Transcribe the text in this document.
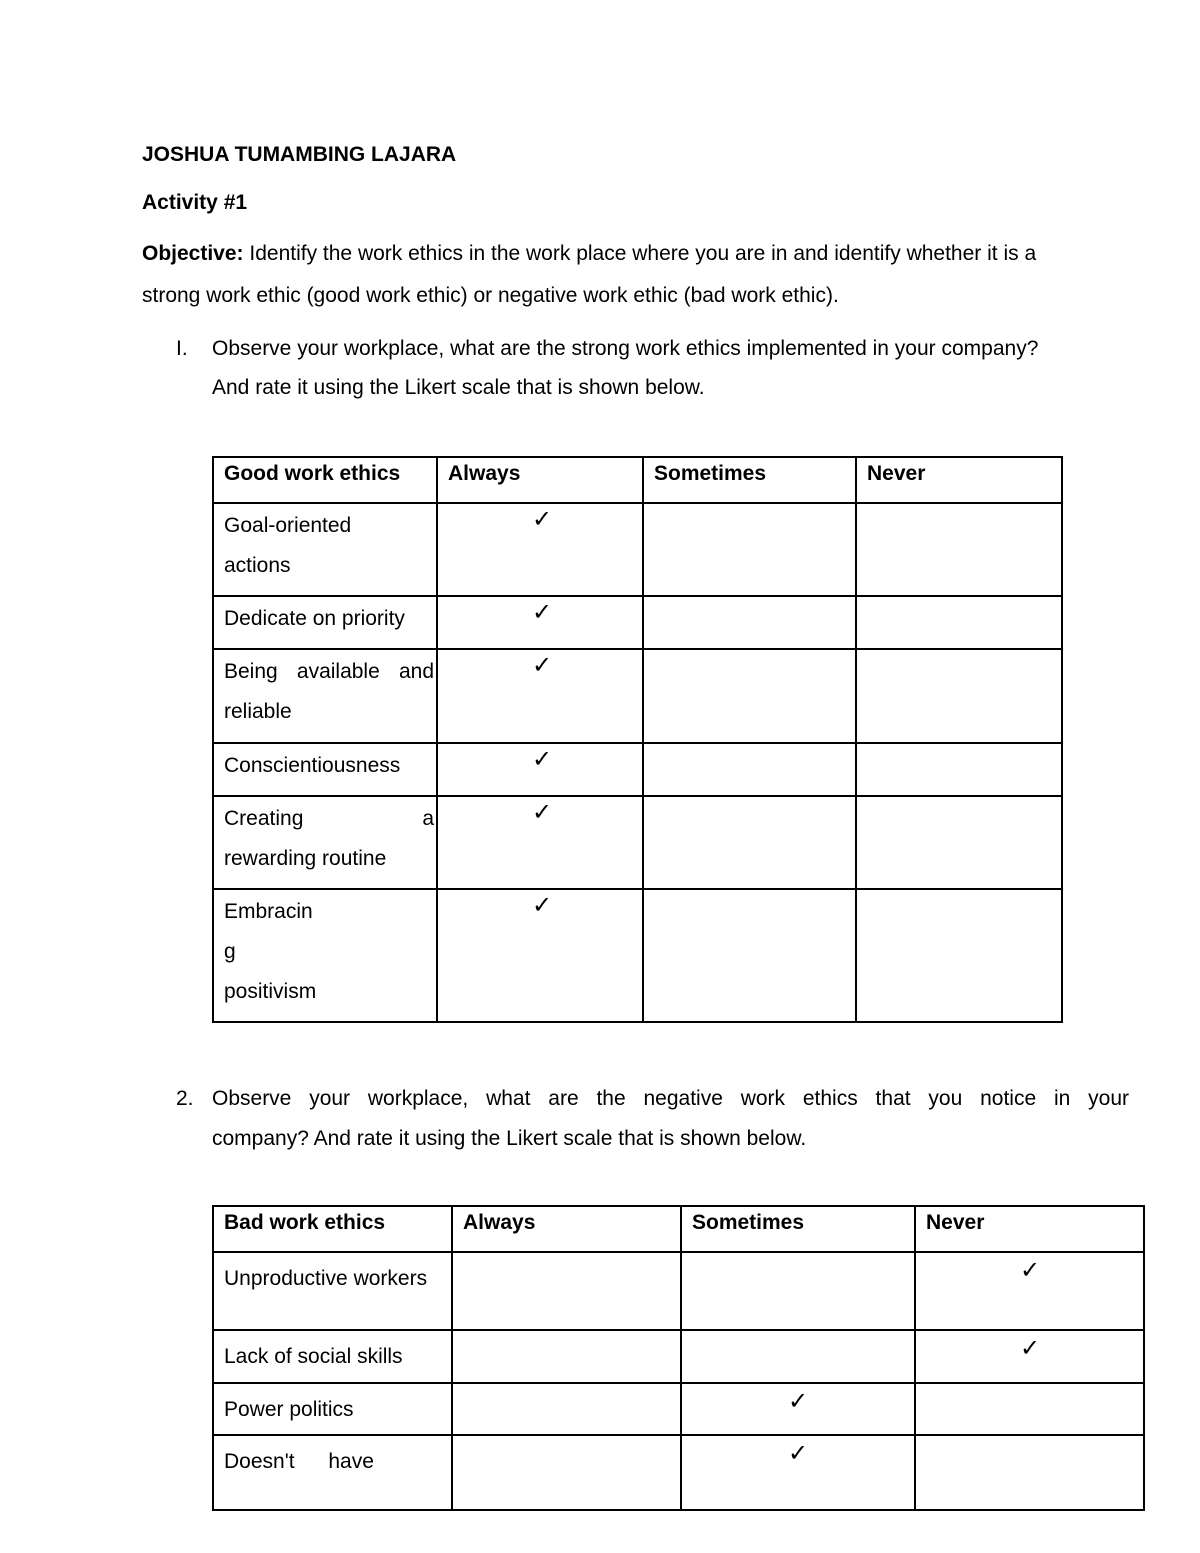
JOSHUA TUMAMBING LAJARA
Activity #1
Objective: Identify the work ethics in the work place where you are in and identify whether it is a
strong work ethic (good work ethic) or negative work ethic (bad work ethic).
I. Observe your workplace, what are the strong work ethics implemented in your company?
And rate it using the Likert scale that is shown below.
Good work ethics	Always	Sometimes	Never

Goal-oriented
actions	✓		

Dedicate on priority	✓		

Being available and
reliable	✓		

Conscientiousness	✓		

Creating a
rewarding routine	✓		

Embracin
g
positivism	✓		

2. Observe your workplace, what are the negative work ethics that you notice in your
company? And rate it using the Likert scale that is shown below.
Bad work ethics	Always	Sometimes	Never

Unproductive workers			✓

Lack of social skills			✓

Power politics		✓	

Doesn't have		✓	
